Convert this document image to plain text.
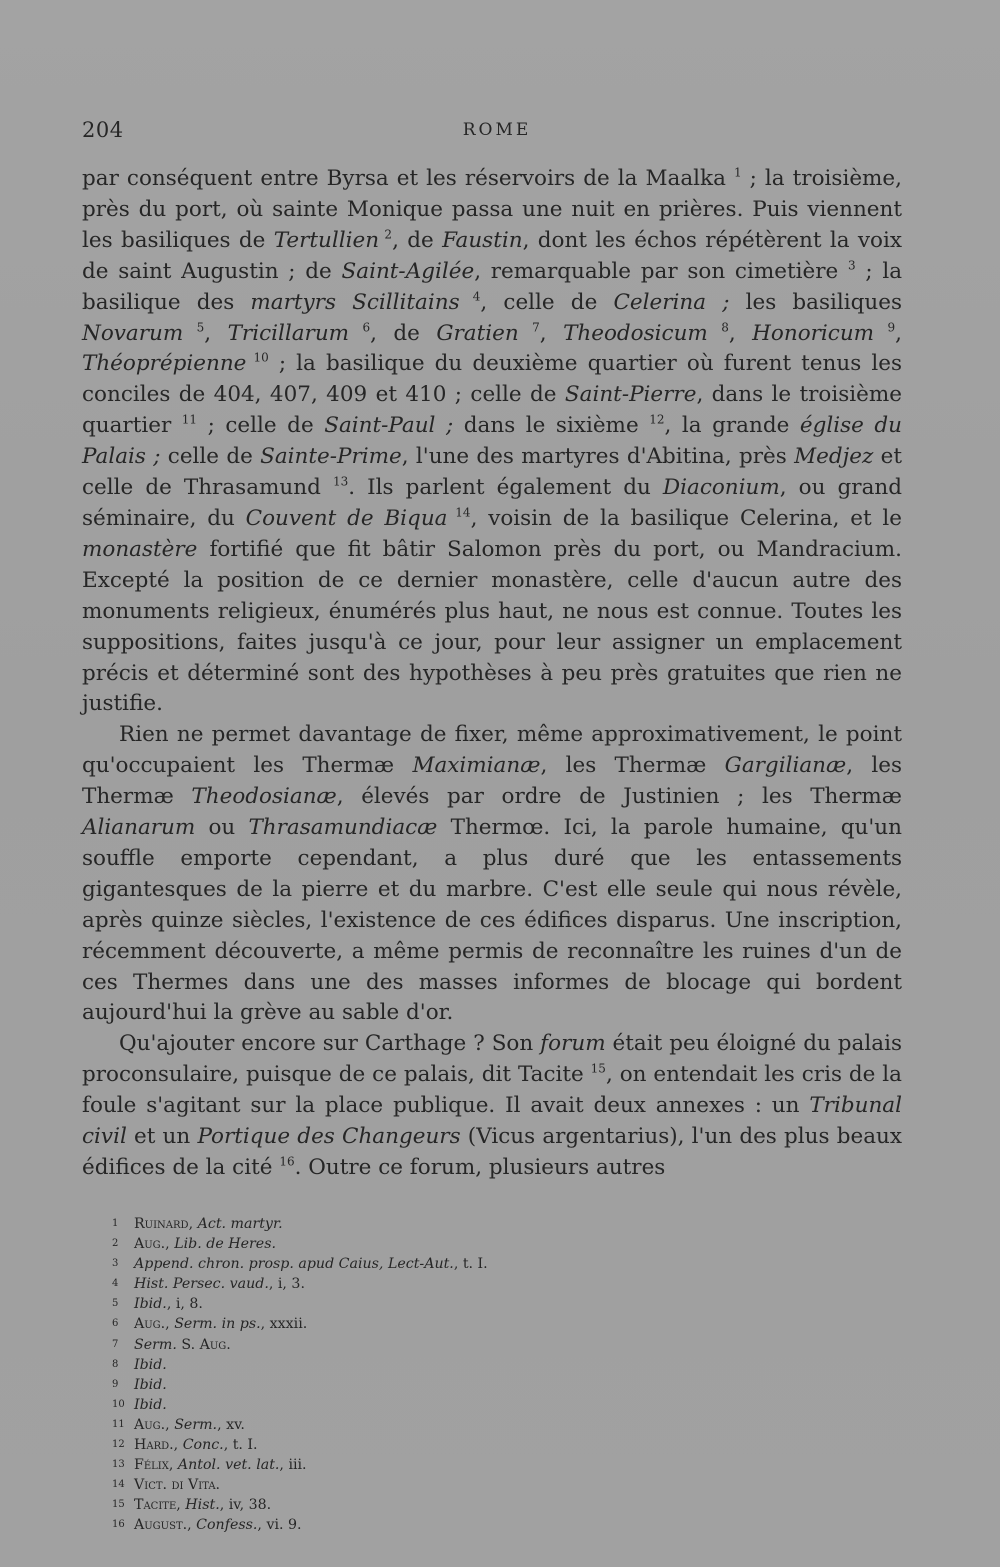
204	ROME

par conséquent entre Byrsa et les réservoirs de la Maalka $^1$ ; la troisième, près du port, où sainte Monique passa une nuit en prières. Puis viennent les basiliques de Tertullien $^2$, de Faustin, dont les échos répétèrent la voix de saint Augustin ; de Saint-Agilée, remarquable par son cimetière $^3$ ; la basilique des martyrs Scillitains $^4$, celle de Celerina ; les basiliques Novarum $^5$, Tricillarum $^6$, de Gratien $^7$, Theodosicum $^8$, Honoricum $^9$, Théoprépienne $^{10}$ ; la basilique du deuxième quartier où furent tenus les conciles de 404, 407, 409 et 410 ; celle de Saint-Pierre, dans le troisième quartier $^{11}$ ; celle de Saint-Paul ; dans le sixième $^{12}$, la grande église du Palais ; celle de Sainte-Prime, l'une des martyres d'Abitina, près Medjez et celle de Thrasamund $^{13}$. Ils parlent également du Diaconium, ou grand séminaire, du Couvent de Biqua $^{14}$, voisin de la basilique Celerina, et le monastère fortifié que fit bâtir Salomon près du port, ou Mandracium. Excepté la position de ce dernier monastère, celle d'aucun autre des monuments religieux, énumérés plus haut, ne nous est connue. Toutes les suppositions, faites jusqu'à ce jour, pour leur assigner un emplacement précis et déterminé sont des hypothèses à peu près gratuites que rien ne justifie.

Rien ne permet davantage de fixer, même approximativement, le point qu'occupaient les Thermæ Maximianæ, les Thermæ Gargilianæ, les Thermæ Theodosianæ, élevés par ordre de Justinien ; les Thermæ Alianarum ou Thrasamundiacæ Thermœ. Ici, la parole humaine, qu'un souffle emporte cependant, a plus duré que les entassements gigantesques de la pierre et du marbre. C'est elle seule qui nous révèle, après quinze siècles, l'existence de ces édifices disparus. Une inscription, récemment découverte, a même permis de reconnaître les ruines d'un de ces Thermes dans une des masses informes de blocage qui bordent aujourd'hui la grève au sable d'or.

Qu'ajouter encore sur Carthage ? Son forum était peu éloigné du palais proconsulaire, puisque de ce palais, dit Tacite $^{15}$, on entendait les cris de la foule s'agitant sur la place publique. Il avait deux annexes : un Tribunal civil et un Portique des Changeurs (Vicus argentarius), l'un des plus beaux édifices de la cité $^{16}$. Outre ce forum, plusieurs autres

1 Ruinard, Act. martyr.
2 Aug., Lib. de Heres.
3 Append. chron. prosp. apud Caius, Lect-Aut., t. I.
4 Hist. Persec. vaud., i, 3.
5 Ibid., i, 8.
6 Aug., Serm. in ps., xxxii.
7 Serm. S. Aug.
8 Ibid.
9 Ibid.
10 Ibid.
11 Aug., Serm., xv.
12 Hard., Conc., t. I.
13 Félix, Antol. vet. lat., iii.
14 Vict. di Vita.
15 Tacite, Hist., iv, 38.
16 August., Confess., vi. 9.
